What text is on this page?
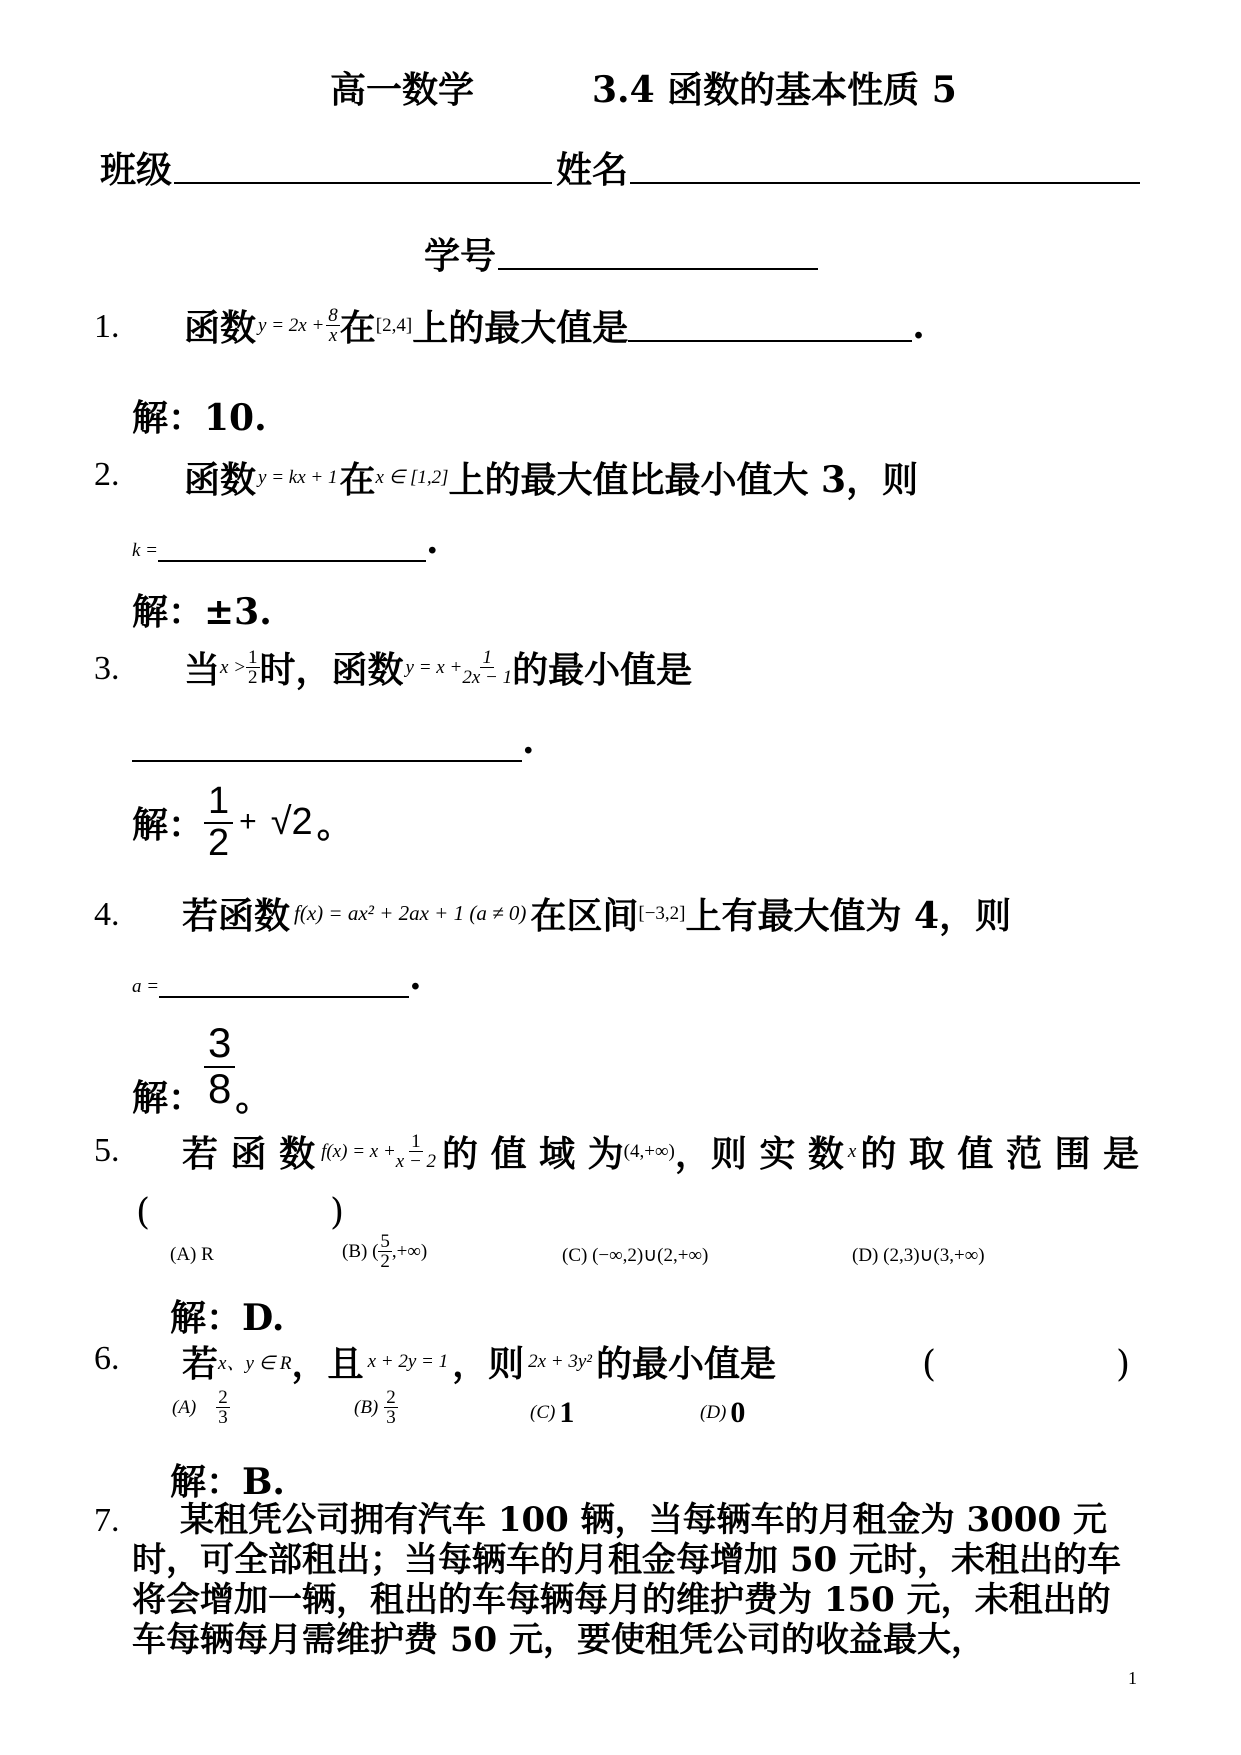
高一数学	3.4 函数的基本性质 5
班级	姓名
学号
1. 函数 $y = 2x + \frac{8}{x}$ 在 [2,4] 上的最大值是	.
解：10.
2. 函数 y = kx + 1 在 x ∈ [1,2] 上的最大值比最小值大 3，则
k =	.
解：±3.
3. 当 $x > \frac{1}{2}$ 时，函数 $y = x + \frac{1}{2x - 1}$ 的最小值是
.
解： $\frac{1}{2} + √2$ 。
4. 若函数 f(x) = ax² + 2ax + 1 (a ≠ 0) 在区间 [−3,2] 上有最大值为 4，则
a =	.
解： $\frac{3}{8}$ 。
5. 若 函 数 $f(x) = x + \frac{1}{x - 2}$ 的 值 域 为 (4,+∞) ，则 实 数 x 的 取 值 范 围 是
(　　　　　)
(A) R	(B) ( $\frac{5}{2}$ ,+∞)	(C) (−∞,2)∪(2,+∞)	(D) (2,3)∪(3,+∞)
解：D.
6. 若 x、y ∈ R ，且 x + 2y = 1 ，则 2x + 3y² 的最小值是	(　　　　　)
$(A) \frac{2}{3}$	$(B) \frac{2}{3}$	(C) 1	(D) 0
解：B.
7.	某租凭公司拥有汽车 100 辆，当每辆车的月租金为 3000 元时，可全部租出；当每辆车的月租金每增加 50 元时，未租出的车将会增加一辆，租出的车每辆每月的维护费为 150 元，未租出的车每辆每月需维护费 50 元，要使租凭公司的收益最大，
1
